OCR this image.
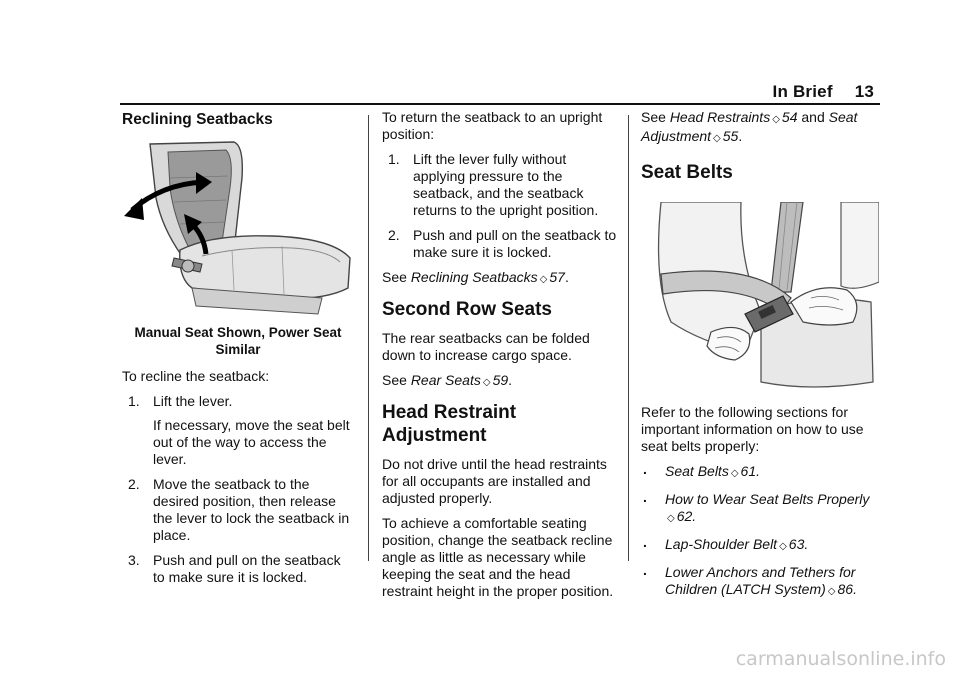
In Brief 13
Reclining Seatbacks
Manual Seat Shown, Power Seat Similar

To recline the seatback:

1. Lift the lever.

If necessary, move the seat belt out of the way to access the lever.

2. Move the seatback to the desired position, then release the lever to lock the seatback in place.
3. Push and pull on the seatback to make sure it is locked.

To return the seatback to an upright position:

1. Lift the lever fully without applying pressure to the seatback, and the seatback returns to the upright position.
2. Push and pull on the seatback to make sure it is locked.

See Reclining Seatbacks ◇ 57.

Second Row Seats

The rear seatbacks can be folded down to increase cargo space.

See Rear Seats ◇ 59.

Head Restraint Adjustment

Do not drive until the head restraints for all occupants are installed and adjusted properly.

To achieve a comfortable seating position, change the seatback recline angle as little as necessary while keeping the seat and the head restraint height in the proper position.

See Head Restraints ◇ 54 and Seat Adjustment ◇ 55.

Seat Belts

Refer to the following sections for important information on how to use seat belts properly:

. Seat Belts ◇ 61.
. How to Wear Seat Belts Properly
◇ 62.
. Lap-Shoulder Belt ◇ 63.
. Lower Anchors and Tethers for Children (LATCH System) ◇ 86.
carmanualsonline.info
